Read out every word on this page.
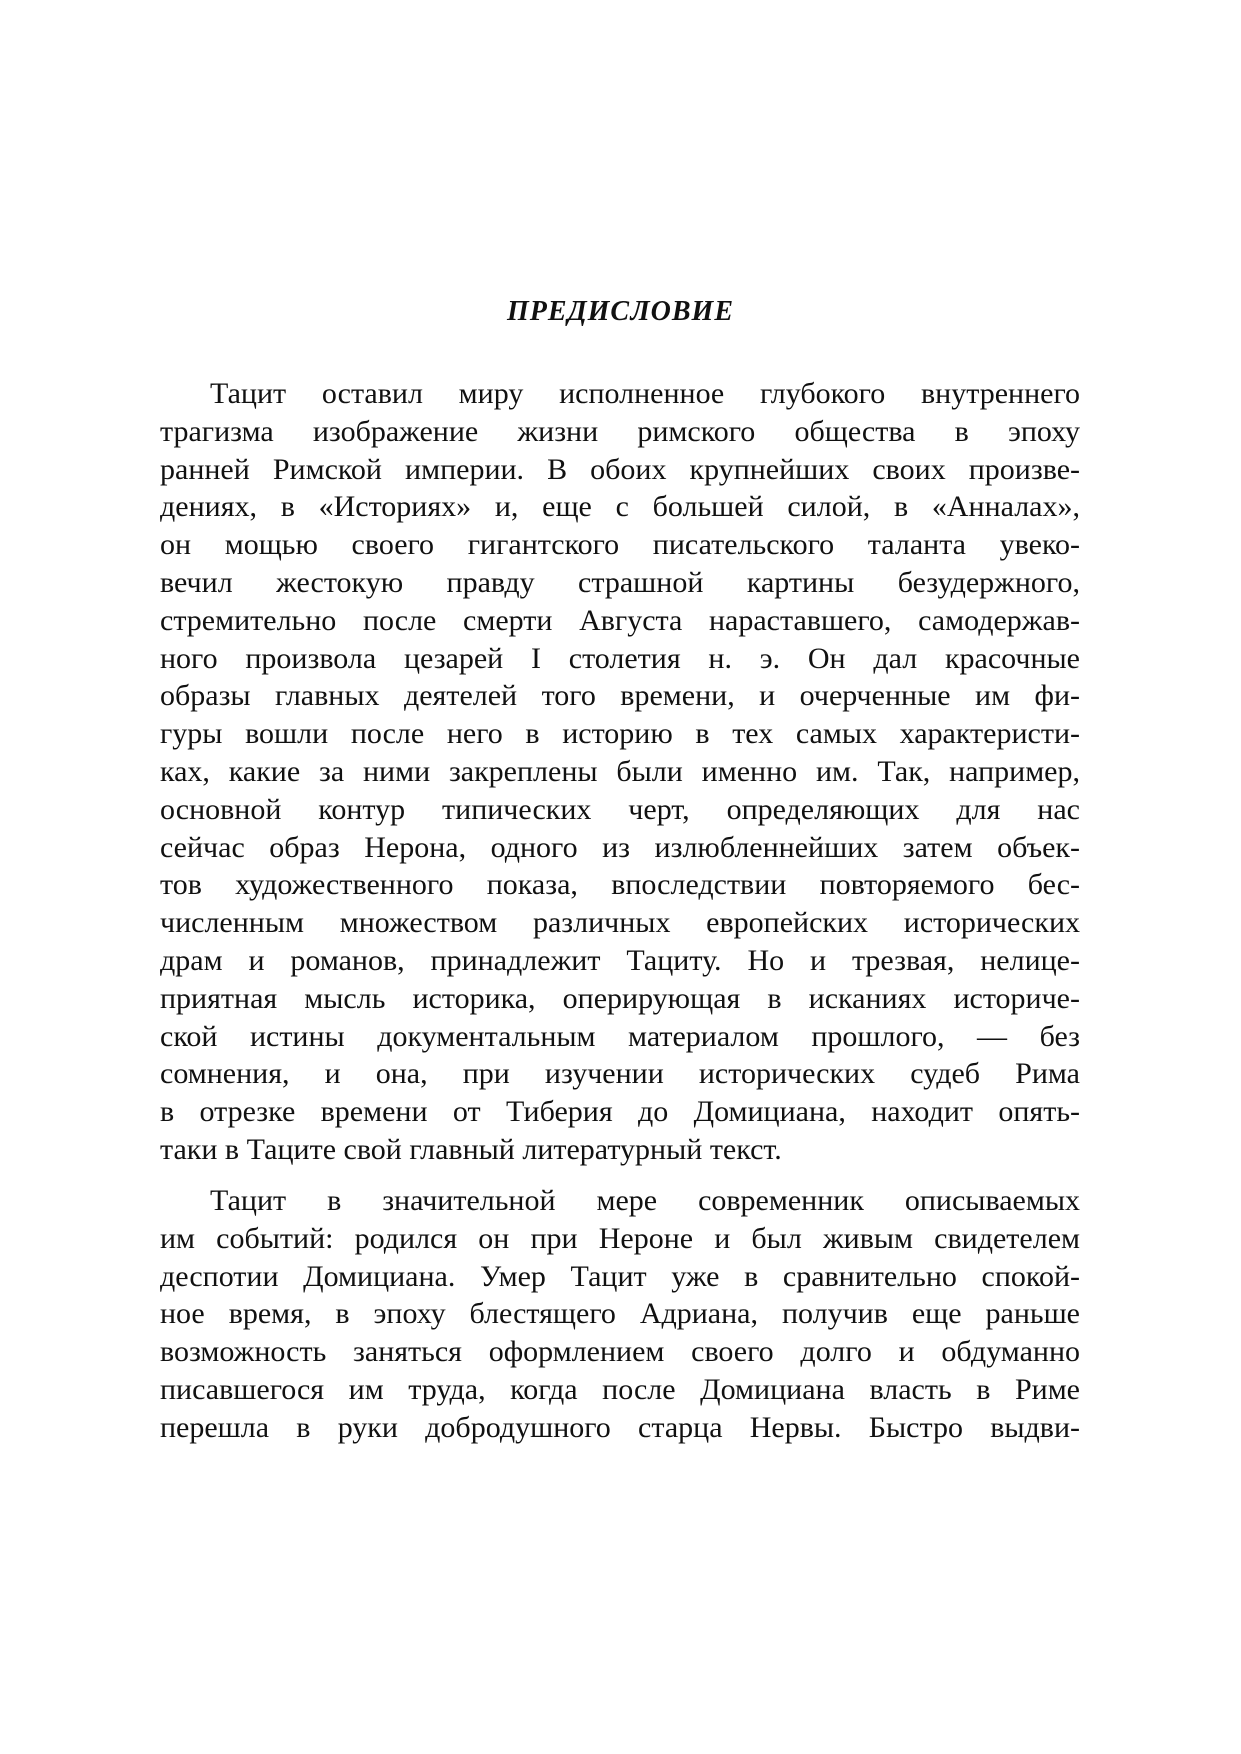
ПРЕДИСЛОВИЕ
Тацит оставил миру исполненное глубокого внутреннего
трагизма изображение жизни римского общества в эпоху
ранней Римской империи. В обоих крупнейших своих произве-
дениях, в «Историях» и, еще с большей силой, в «Анналах»,
он мощью своего гигантского писательского таланта увеко-
вечил жестокую правду страшной картины безудержного,
стремительно после смерти Августа нараставшего, самодержав-
ного произвола цезарей I столетия н. э. Он дал красочные
образы главных деятелей того времени, и очерченные им фи-
гуры вошли после него в историю в тех самых характеристи-
ках, какие за ними закреплены были именно им. Так, например,
основной контур типических черт, определяющих для нас
сейчас образ Нерона, одного из излюбленнейших затем объек-
тов художественного показа, впоследствии повторяемого бес-
численным множеством различных европейских исторических
драм и романов, принадлежит Тациту. Но и трезвая, нелице-
приятная мысль историка, оперирующая в исканиях историче-
ской истины документальным материалом прошлого, — без
сомнения, и она, при изучении исторических судеб Рима
в отрезке времени от Тиберия до Домициана, находит опять-
таки в Таците свой главный литературный текст.
Тацит в значительной мере современник описываемых
им событий: родился он при Нероне и был живым свидетелем
деспотии Домициана. Умер Тацит уже в сравнительно спокой-
ное время, в эпоху блестящего Адриана, получив еще раньше
возможность заняться оформлением своего долго и обдуманно
писавшегося им труда, когда после Домициана власть в Риме
перешла в руки добродушного старца Нервы. Быстро выдви-
